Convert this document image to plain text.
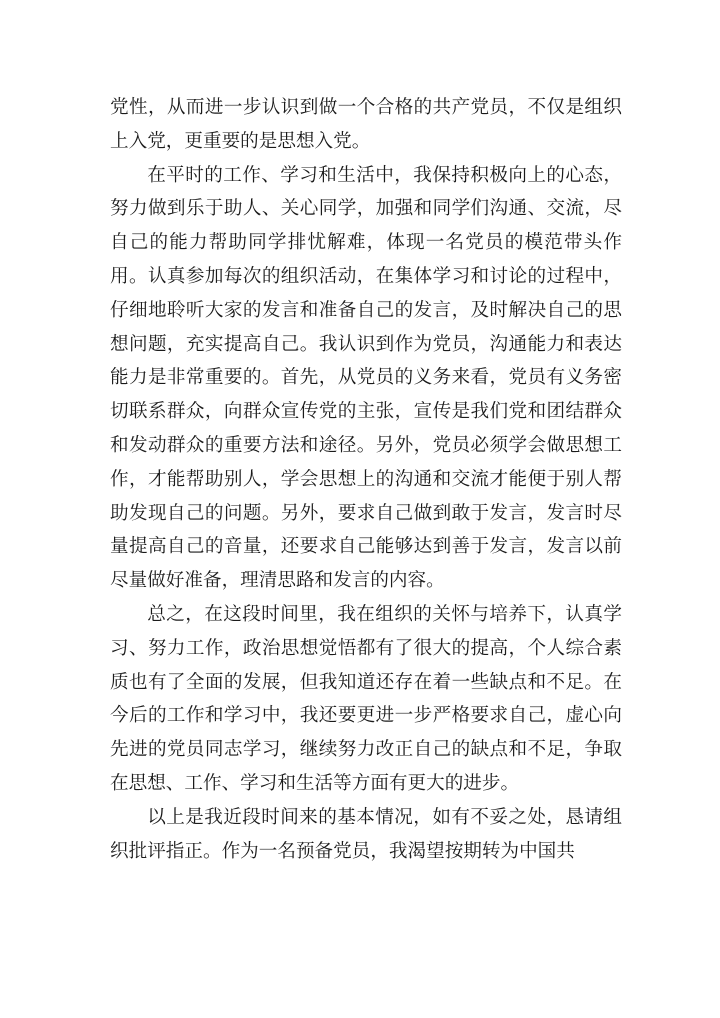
党性，从而进一步认识到做一个合格的共产党员，不仅是组织上入党，更重要的是思想入党。

在平时的工作、学习和生活中，我保持积极向上的心态，努力做到乐于助人、关心同学，加强和同学们沟通、交流，尽自己的能力帮助同学排忧解难，体现一名党员的模范带头作用。认真参加每次的组织活动，在集体学习和讨论的过程中，仔细地聆听大家的发言和准备自己的发言，及时解决自己的思想问题，充实提高自己。我认识到作为党员，沟通能力和表达能力是非常重要的。首先，从党员的义务来看，党员有义务密切联系群众，向群众宣传党的主张，宣传是我们党和团结群众和发动群众的重要方法和途径。另外，党员必须学会做思想工作，才能帮助别人，学会思想上的沟通和交流才能便于别人帮助发现自己的问题。另外，要求自己做到敢于发言，发言时尽量提高自己的音量，还要求自己能够达到善于发言，发言以前尽量做好准备，理清思路和发言的内容。

总之，在这段时间里，我在组织的关怀与培养下，认真学习、努力工作，政治思想觉悟都有了很大的提高，个人综合素质也有了全面的发展，但我知道还存在着一些缺点和不足。在今后的工作和学习中，我还要更进一步严格要求自己，虚心向先进的党员同志学习，继续努力改正自己的缺点和不足，争取在思想、工作、学习和生活等方面有更大的进步。

以上是我近段时间来的基本情况，如有不妥之处，恳请组织批评指正。作为一名预备党员，我渴望按期转为中国共
